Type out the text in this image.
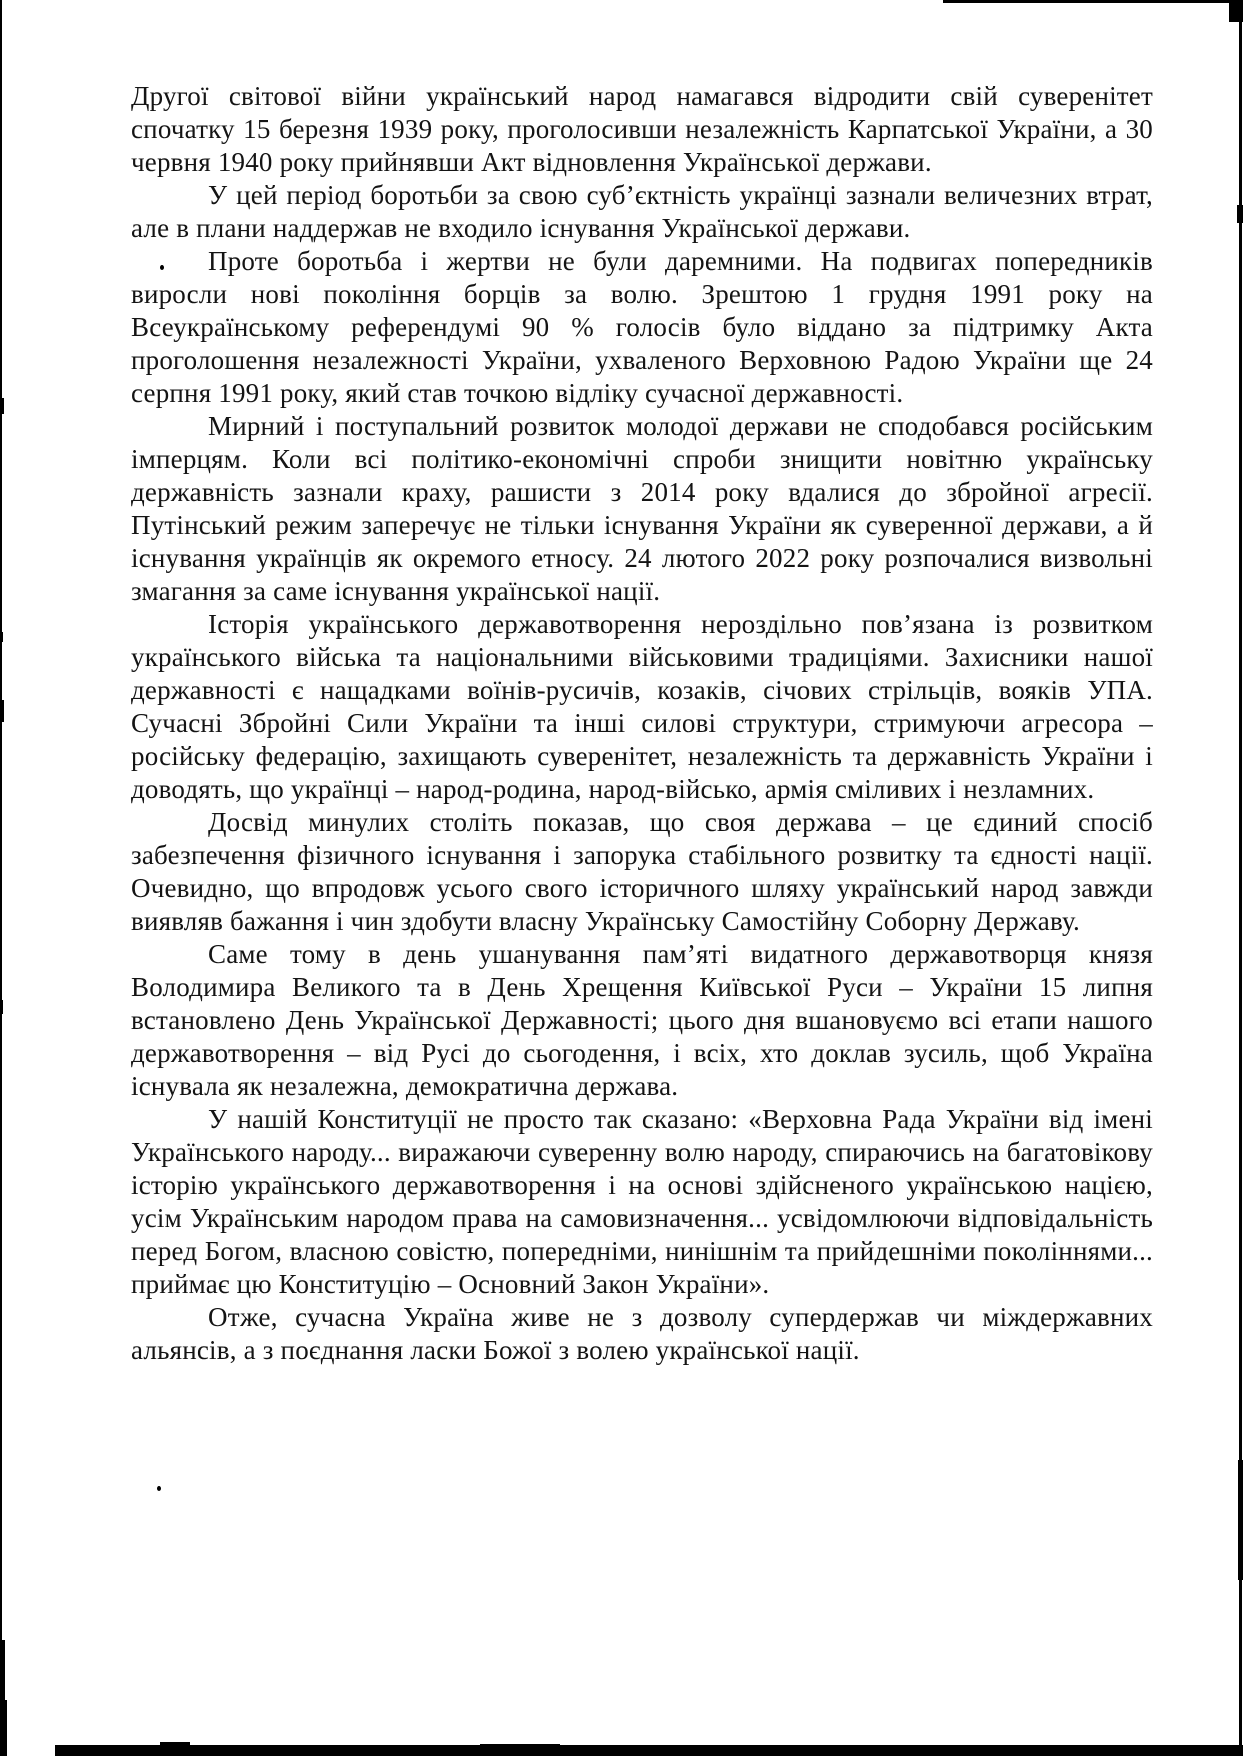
Другої світової війни український народ намагався відродити свій суверенітет спочатку 15 березня 1939 року, проголосивши незалежність Карпатської України, а 30 червня 1940 року прийнявши Акт відновлення Української держави.

У цей період боротьби за свою суб’єктність українці зазнали величезних втрат, але в плани наддержав не входило існування Української держави.

Проте боротьба і жертви не були даремними. На подвигах попередників виросли нові покоління борців за волю. Зрештою 1 грудня 1991 року на Всеукраїнському референдумі 90 % голосів було віддано за підтримку Акта проголошення незалежності України, ухваленого Верховною Радою України ще 24 серпня 1991 року, який став точкою відліку сучасної державності.

Мирний і поступальний розвиток молодої держави не сподобався російським імперцям. Коли всі політико-економічні спроби знищити новітню українську державність зазнали краху, рашисти з 2014 року вдалися до збройної агресії. Путінський режим заперечує не тільки існування України як суверенної держави, а й існування українців як окремого етносу. 24 лютого 2022 року розпочалися визвольні змагання за саме існування української нації.

Історія українського державотворення нероздільно пов’язана із розвитком українського війська та національними військовими традиціями. Захисники нашої державності є нащадками воїнів-русичів, козаків, січових стрільців, вояків УПА. Сучасні Збройні Сили України та інші силові структури, стримуючи агресора – російську федерацію, захищають суверенітет, незалежність та державність України і доводять, що українці – народ-родина, народ-військо, армія сміливих і незламних.

Досвід минулих століть показав, що своя держава – це єдиний спосіб забезпечення фізичного існування і запорука стабільного розвитку та єдності нації. Очевидно, що впродовж усього свого історичного шляху український народ завжди виявляв бажання і чин здобути власну Українську Самостійну Соборну Державу.

Саме тому в день ушанування пам’яті видатного державотворця князя Володимира Великого та в День Хрещення Київської Руси – України 15 липня встановлено День Української Державності; цього дня вшановуємо всі етапи нашого державотворення – від Русі до сьогодення, і всіх, хто доклав зусиль, щоб Україна існувала як незалежна, демократична держава.

У нашій Конституції не просто так сказано: «Верховна Рада України від імені Українського народу... виражаючи суверенну волю народу, спираючись на багатовікову історію українського державотворення і на основі здійсненого українською нацією, усім Українським народом права на самовизначення... усвідомлюючи відповідальність перед Богом, власною совістю, попередніми, нинішнім та прийдешніми поколіннями... приймає цю Конституцію – Основний Закон України».

Отже, сучасна Україна живе не з дозволу супердержав чи міждержавних альянсів, а з поєднання ласки Божої з волею української нації.
